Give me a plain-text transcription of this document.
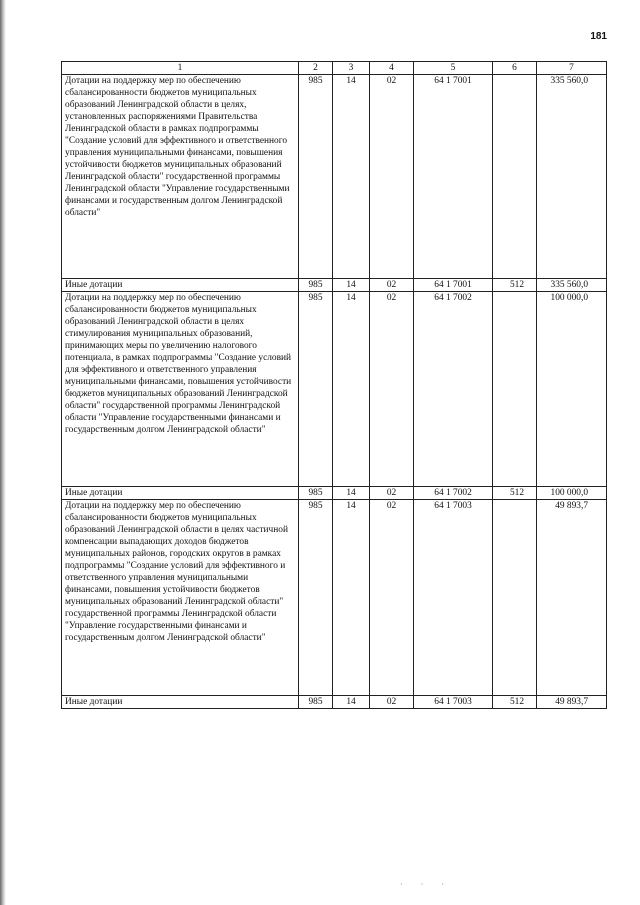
181
1	2	3	4	5	6	7
Дотации на поддержку мер по обеспечению сбалансированности бюджетов муниципальных образований Ленинградской области в целях, установленных распоряжениями Правительства Ленинградской области в рамках подпрограммы "Создание условий для эффективного и ответственного управления муниципальными финансами, повышения устойчивости бюджетов муниципальных образований Ленинградской области" государственной программы Ленинградской области "Управление государственными финансами и государственным долгом Ленинградской области"	985	14	02	64 1 7001		335 560,0
Иные дотации	985	14	02	64 1 7001	512	335 560,0
Дотации на поддержку мер по обеспечению сбалансированности бюджетов муниципальных образований Ленинградской области в целях стимулирования муниципальных образований, принимающих меры по увеличению налогового потенциала, в рамках подпрограммы "Создание условий для эффективного и ответственного управления муниципальными финансами, повышения устойчивости бюджетов муниципальных образований Ленинградской области" государственной программы Ленинградской области "Управление государственными финансами и государственным долгом Ленинградской области"	985	14	02	64 1 7002		100 000,0
Иные дотации	985	14	02	64 1 7002	512	100 000,0
Дотации на поддержку мер по обеспечению сбалансированности бюджетов муниципальных образований Ленинградской области в целях частичной компенсации выпадающих доходов бюджетов муниципальных районов, городских округов в рамках подпрограммы "Создание условий для эффективного и ответственного управления муниципальными финансами, повышения устойчивости бюджетов муниципальных образований Ленинградской области" государственной программы Ленинградской области "Управление государственными финансами и государственным долгом Ленинградской области"	985	14	02	64 1 7003		49 893,7
Иные дотации	985	14	02	64 1 7003	512	49 893,7
· · ·
